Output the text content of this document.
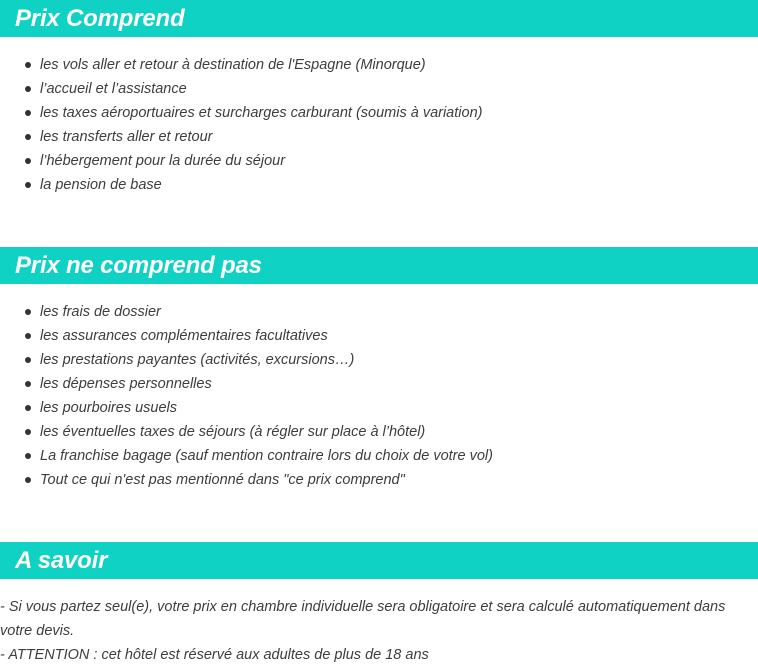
Prix Comprend
les vols aller et retour à destination de l'Espagne (Minorque)
l’accueil et l’assistance
les taxes aéroportuaires et surcharges carburant (soumis à variation)
les transferts aller et retour
l’hébergement pour la durée du séjour
la pension de base
Prix ne comprend pas
les frais de dossier
les assurances complémentaires facultatives
les prestations payantes (activités, excursions…)
les dépenses personnelles
les pourboires usuels
les éventuelles taxes de séjours (à régler sur place à l’hôtel)
La franchise bagage (sauf mention contraire lors du choix de votre vol)
Tout ce qui n'est pas mentionné dans "ce prix comprend"
A savoir

- Si vous partez seul(e), votre prix en chambre individuelle sera obligatoire et sera calculé automatiquement dans votre devis.

- ATTENTION : cet hôtel est réservé aux adultes de plus de 18 ans
